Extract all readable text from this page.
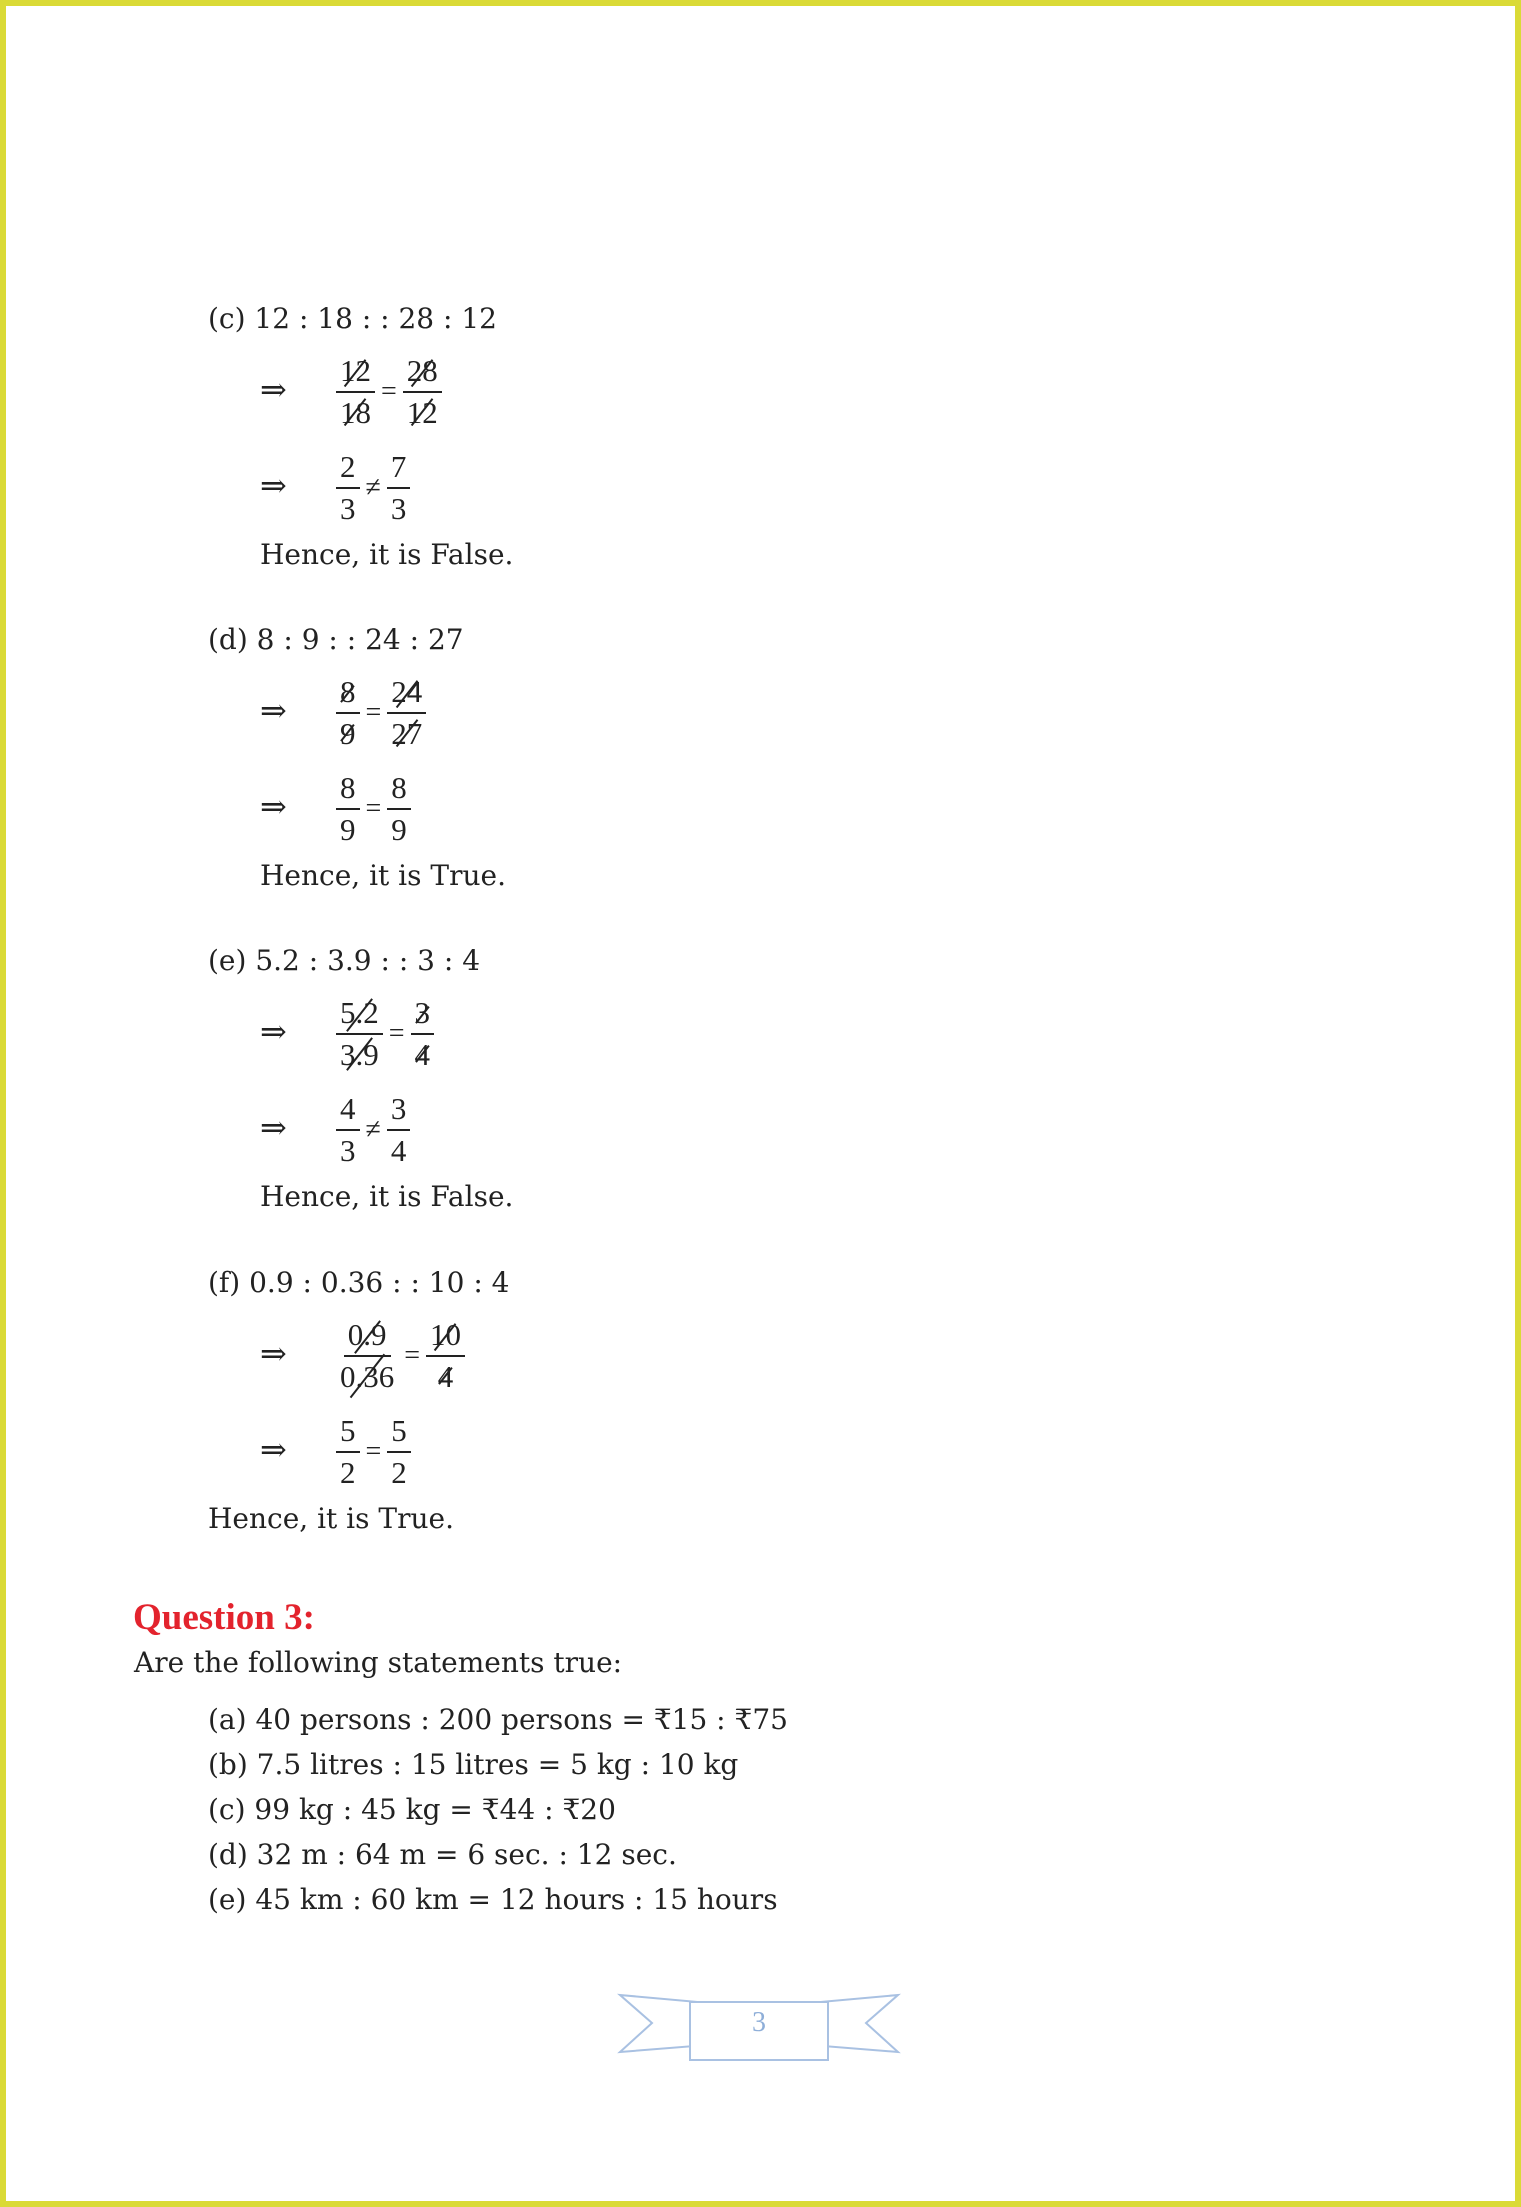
(c) 12 : 18 : : 28 : 12
⇒ $\frac{12}{18} = \frac{28}{12}$
⇒ $\frac{2}{3} \ne \frac{7}{3}$
Hence, it is False.
(d) 8 : 9 : : 24 : 27
⇒ $\frac{8}{9} = \frac{24}{27}$
⇒ $\frac{8}{9} = \frac{8}{9}$
Hence, it is True.
(e) 5.2 : 3.9 : : 3 : 4
⇒ $\frac{5.2}{3.9} = \frac{3}{4}$
⇒ $\frac{4}{3} \ne \frac{3}{4}$
Hence, it is False.
(f) 0.9 : 0.36 : : 10 : 4
⇒ $\frac{0.9}{0.36} = \frac{10}{4}$
⇒ $\frac{5}{2} = \frac{5}{2}$
Hence, it is True.
Question 3:
Are the following statements true:
(a) 40 persons : 200 persons = ₹15 : ₹75
(b) 7.5 litres : 15 litres = 5 kg : 10 kg
(c) 99 kg : 45 kg = ₹44 : ₹20
(d) 32 m : 64 m = 6 sec. : 12 sec.
(e) 45 km : 60 km = 12 hours : 15 hours
3
